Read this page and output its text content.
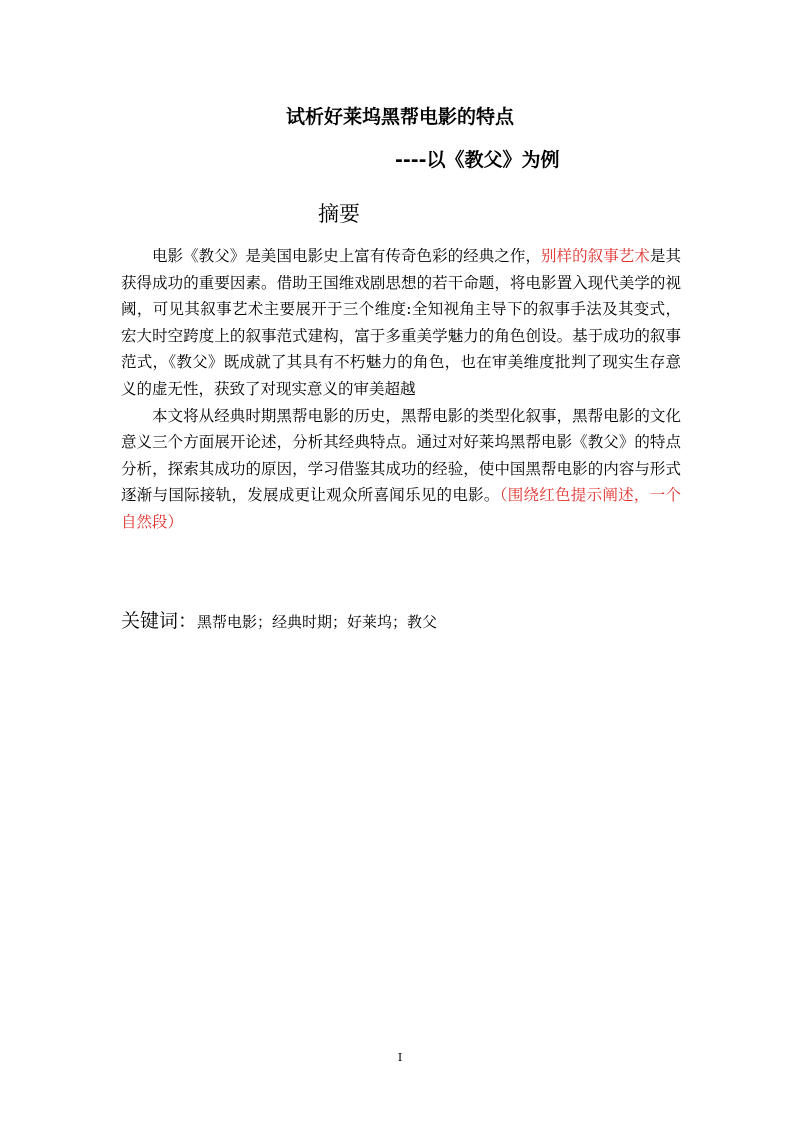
试析好莱坞黑帮电影的特点
----以《教父》为例
摘要

电影《教父》是美国电影史上富有传奇色彩的经典之作，别样的叙事艺术是其获得成功的重要因素。借助王国维戏剧思想的若干命题，将电影置入现代美学的视阈，可见其叙事艺术主要展开于三个维度:全知视角主导下的叙事手法及其变式，宏大时空跨度上的叙事范式建构，富于多重美学魅力的角色创设。基于成功的叙事范式，《教父》既成就了其具有不朽魅力的角色，也在审美维度批判了现实生存意义的虚无性，获致了对现实意义的审美超越

本文将从经典时期黑帮电影的历史，黑帮电影的类型化叙事，黑帮电影的文化意义三个方面展开论述，分析其经典特点。通过对好莱坞黑帮电影《教父》的特点分析，探索其成功的原因，学习借鉴其成功的经验，使中国黑帮电影的内容与形式逐渐与国际接轨，发展成更让观众所喜闻乐见的电影。（围绕红色提示阐述，一个自然段）

关键词：黑帮电影；经典时期；好莱坞；教父

I
